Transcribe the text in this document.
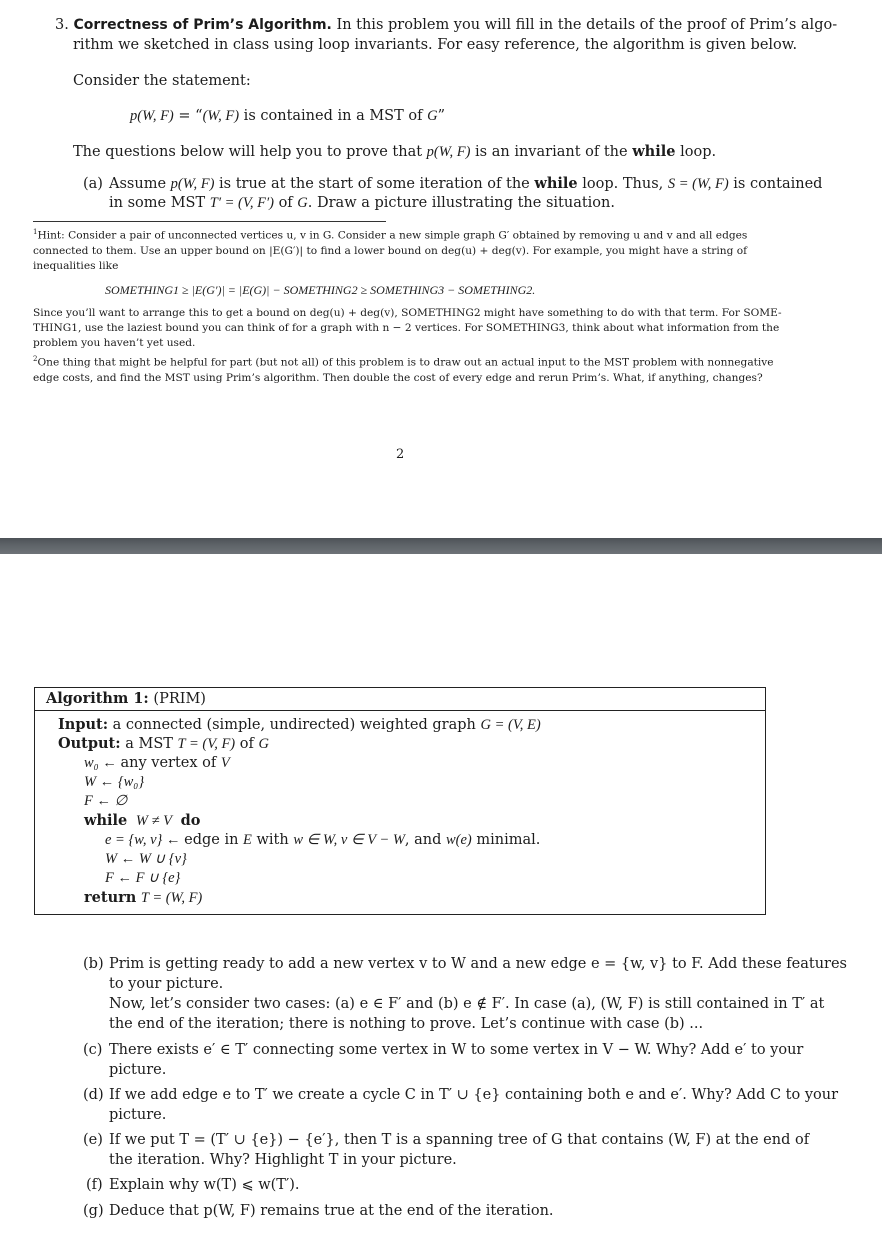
3. Correctness of Prim’s Algorithm. In this problem you will fill in the details of the proof of Prim’s algo-
rithm we sketched in class using loop invariants. For easy reference, the algorithm is given below.
Consider the statement:
p(W, F) = “(W, F) is contained in a MST of G”
The questions below will help you to prove that p(W, F) is an invariant of the while loop.
(a) Assume p(W, F) is true at the start of some iteration of the while loop. Thus, S = (W, F) is contained
in some MST T′ = (V, F′) of G. Draw a picture illustrating the situation.
$^1$Hint: Consider a pair of unconnected vertices u, v in G. Consider a new simple graph G′ obtained by removing u and v and all edges
connected to them. Use an upper bound on |E(G′)| to find a lower bound on deg(u) + deg(v). For example, you might have a string of
inequalities like
SOMETHING1 ≥ |E(G′)| = |E(G)| − SOMETHING2 ≥ SOMETHING3 − SOMETHING2.
Since you’ll want to arrange this to get a bound on deg(u) + deg(v), SOMETHING2 might have something to do with that term. For SOME-
THING1, use the laziest bound you can think of for a graph with n − 2 vertices. For SOMETHING3, think about what information from the
problem you haven’t yet used.
$^2$One thing that might be helpful for part (but not all) of this problem is to draw out an actual input to the MST problem with nonnegative
edge costs, and find the MST using Prim’s algorithm. Then double the cost of every edge and rerun Prim’s. What, if anything, changes?
2
Algorithm 1: (PRIM)
Input: a connected (simple, undirected) weighted graph G = (V, E)
Output: a MST T = (V, F) of G
w₀ ← any vertex of V
W ← {w₀}
F ← ∅
while W ≠ V do
e = {w, v} ← edge in E with w ∈ W, v ∈ V − W, and w(e) minimal.
W ← W ∪ {v}
F ← F ∪ {e}
return T = (W, F)
(b) Prim is getting ready to add a new vertex v to W and a new edge e = {w, v} to F. Add these features
to your picture.
Now, let’s consider two cases: (a) e ∈ F′ and (b) e ∉ F′. In case (a), (W, F) is still contained in T′ at
the end of the iteration; there is nothing to prove. Let’s continue with case (b) ...
(c) There exists e′ ∈ T′ connecting some vertex in W to some vertex in V − W. Why? Add e′ to your
picture.
(d) If we add edge e to T′ we create a cycle C in T′ ∪ {e} containing both e and e′. Why? Add C to your
picture.
(e) If we put T = (T′ ∪ {e}) − {e′}, then T is a spanning tree of G that contains (W, F) at the end of
the iteration. Why? Highlight T in your picture.
(f) Explain why w(T) ⩽ w(T′).
(g) Deduce that p(W, F) remains true at the end of the iteration.
